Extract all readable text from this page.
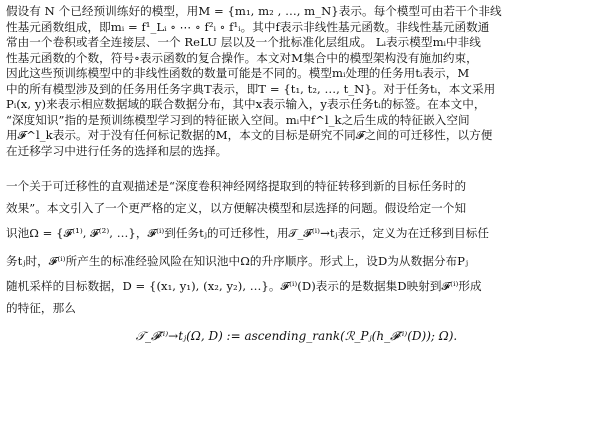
假设有 N 个已经预训练好的模型，用M = {m₁, m₂ , …, m_N}表示。每个模型可由若干个非线
性基元函数组成，即mᵢ = f¹_Lᵢ ∘ ⋯ ∘ f²ᵢ ∘ f¹ᵢ。其中f表示非线性基元函数。非线性基元函数通
常由一个卷积或者全连接层、一个 ReLU 层以及一个批标准化层组成。 Lᵢ表示模型mᵢ中非线
性基元函数的个数，符号∘表示函数的复合操作。本文对M集合中的模型架构没有施加约束，
因此这些预训练模型中的非线性函数的数量可能是不同的。模型mᵢ处理的任务用tᵢ表示，M
中的所有模型涉及到的任务用任务字典T表示，即T = {t₁, t₂, …, t_N}。对于任务tᵢ，本文采用
Pᵢ(x, y)来表示相应数据域的联合数据分布，其中x表示输入，y表示任务tᵢ的标签。在本文中，
“深度知识”指的是预训练模型学习到的特征嵌入空间。mᵢ中f^l_k之后生成的特征嵌入空间
用𝓕^l_k表示。对于没有任何标记数据的M，本文的目标是研究不同𝓕之间的可迁移性，以方便
在迁移学习中进行任务的选择和层的选择。
一个关于可迁移性的直观描述是“深度卷积神经网络提取到的特征转移到新的目标任务时的
效果”。本文引入了一个更严格的定义，以方便解决模型和层选择的问题。假设给定一个知
识池Ω = {𝓕⁽¹⁾, 𝓕⁽²⁾, …}，𝓕⁽ⁱ⁾到任务tⱼ的可迁移性，用𝒯_𝓕⁽ⁱ⁾→tⱼ表示，定义为在迁移到目标任
务tⱼ时，𝓕⁽ⁱ⁾所产生的标准经验风险在知识池中Ω的升序顺序。形式上，设D为从数据分布Pⱼ
随机采样的目标数据，D = {(x₁, y₁), (x₂, y₂), …}。𝓕⁽ⁱ⁾(D)表示的是数据集D映射到𝓕⁽ⁱ⁾形成
的特征，那么
𝒯_𝓕⁽ⁱ⁾→tⱼ(Ω, D) := ascending_rank(ℛ_Pⱼ(h_𝓕⁽ⁱ⁾(D)); Ω).
